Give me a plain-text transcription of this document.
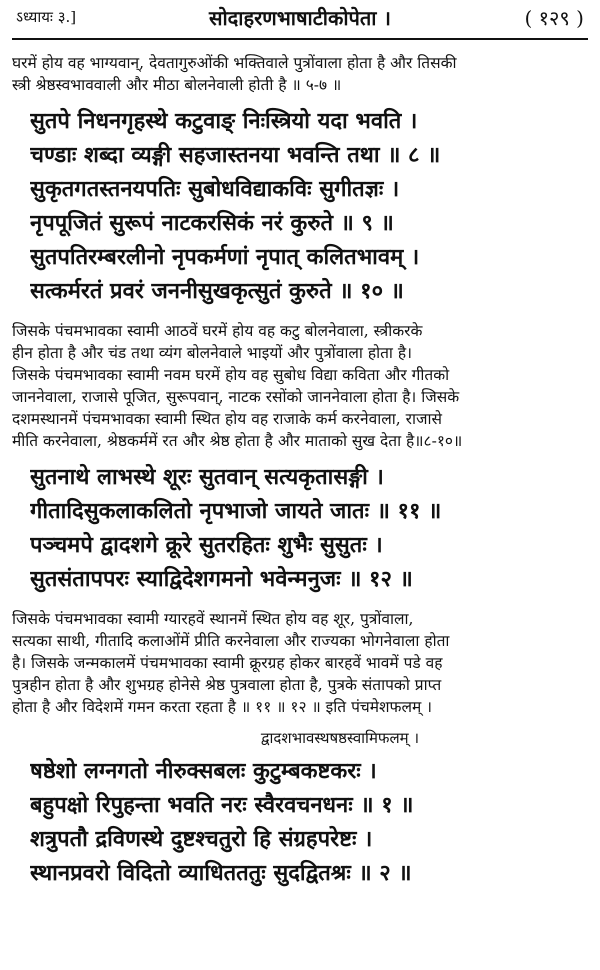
ऽध्यायः ३.]	सोदाहरणभाषाटीकोपेता ।	( १२९ )

घरमें होय वह भाग्यवान्, देवतागुरुओंकी भक्तिवाले पुत्रोंवाला होता है और तिसकी
स्त्री श्रेष्ठस्वभाववाली और मीठा बोलनेवाली होती है ॥ ५-७ ॥

सुतपे निधनगृहस्थे कटुवाङ् निःस्त्रियो यदा भवति ।
चण्डाः शब्दा व्यङ्गी सहजास्तनया भवन्ति तथा ॥ ८ ॥
सुकृतगतस्तनयपतिः सुबोधविद्याकविः सुगीतज्ञः ।
नृपपूजितं सुरूपं नाटकरसिकं नरं कुरुते ॥ ९ ॥
सुतपतिरम्बरलीनो नृपकर्मणां नृपात् कलितभावम् ।
सत्कर्मरतं प्रवरं जननीसुखकृत्सुतं कुरुते ॥ १० ॥

जिसके पंचमभावका स्वामी आठवें घरमें होय वह कटु बोलनेवाला, स्त्रीकरके
हीन होता है और चंड तथा व्यंग बोलनेवाले भाइयों और पुत्रोंवाला होता है।
जिसके पंचमभावका स्वामी नवम घरमें होय वह सुबोध विद्या कविता और गीतको
जाननेवाला, राजासे पूजित, सुरूपवान्, नाटक रसोंको जाननेवाला होता है। जिसके
दशमस्थानमें पंचमभावका स्वामी स्थित होय वह राजाके कर्म करनेवाला, राजासे
मीति करनेवाला, श्रेष्ठकर्ममें रत और श्रेष्ठ होता है और माताको सुख देता है॥८-१०॥

सुतनाथे लाभस्थे शूरः सुतवान् सत्यकृतासङ्गी ।
गीतादिसुकलाकलितो नृपभाजो जायते जातः ॥ ११ ॥
पञ्चमपे द्वादशगे क्रूरे सुतरहितः शुभैः सुसुतः ।
सुतसंतापपरः स्याद्विदेशगमनो भवेन्मनुजः ॥ १२ ॥

जिसके पंचमभावका स्वामी ग्यारहवें स्थानमें स्थित होय वह शूर, पुत्रोंवाला,
सत्यका साथी, गीतादि कलाओंमें प्रीति करनेवाला और राज्यका भोगनेवाला होता
है। जिसके जन्मकालमें पंचमभावका स्वामी क्रूरग्रह होकर बारहवें भावमें पडे वह
पुत्रहीन होता है और शुभग्रह होनेसे श्रेष्ठ पुत्रवाला होता है, पुत्रके संतापको प्राप्त
होता है और विदेशमें गमन करता रहता है ॥ ११ ॥ १२ ॥ इति पंचमेशफलम् ।

द्वादशभावस्थषष्ठस्वामिफलम् ।
षष्ठेशो लग्नगतो नीरुक्सबलः कुटुम्बकष्टकरः ।
बहुपक्षो रिपुहन्ता भवति नरः स्वैरवचनधनः ॥ १ ॥
शत्रुपतौ द्रविणस्थे दुष्टश्चतुरो हि संग्रहपरेष्टः ।
स्थानप्रवरो विदितो व्याधितततुः सुदद्वितश्रः ॥ २ ॥
